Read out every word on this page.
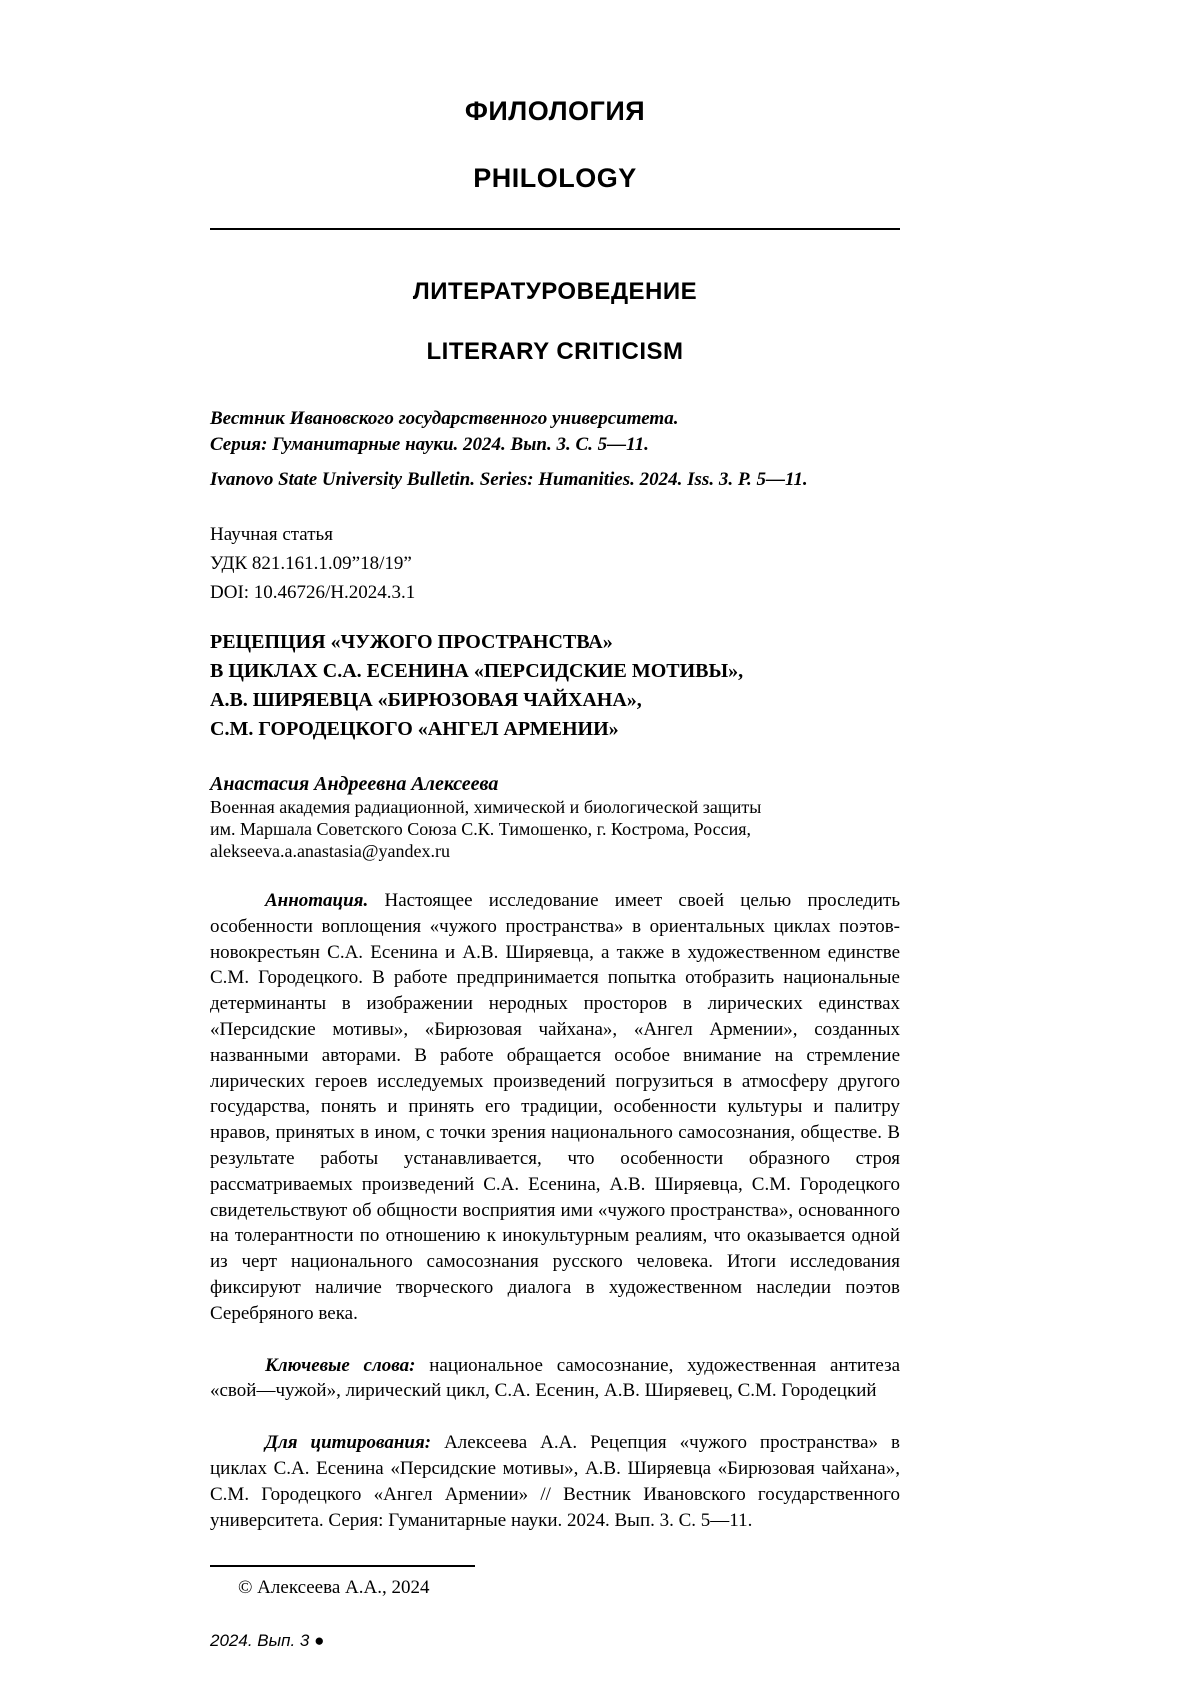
ФИЛОЛОГИЯ
PHILOLOGY
ЛИТЕРАТУРОВЕДЕНИЕ
LITERARY CRITICISM
Вестник Ивановского государственного университета.
Серия: Гуманитарные науки. 2024. Вып. 3. С. 5—11.
Ivanovo State University Bulletin. Series: Humanities. 2024. Iss. 3. P. 5—11.
Научная статья
УДК 821.161.1.09”18/19”
DOI: 10.46726/H.2024.3.1
РЕЦЕПЦИЯ «ЧУЖОГО ПРОСТРАНСТВА»
В ЦИКЛАХ С.А. ЕСЕНИНА «ПЕРСИДСКИЕ МОТИВЫ»,
А.В. ШИРЯЕВЦА «БИРЮЗОВАЯ ЧАЙХАНА»,
С.М. ГОРОДЕЦКОГО «АНГЕЛ АРМЕНИИ»
Анастасия Андреевна Алексеева
Военная академия радиационной, химической и биологической защиты
им. Маршала Советского Союза С.К. Тимошенко, г. Кострома, Россия,
alekseeva.a.anastasia@yandex.ru

Аннотация. Настоящее исследование имеет своей целью проследить особенности воплощения «чужого пространства» в ориентальных циклах поэтов-новокрестьян С.А. Есенина и А.В. Ширяевца, а также в художественном единстве С.М. Городецкого. В работе предпринимается попытка отобразить национальные детерминанты в изображении неродных просторов в лирических единствах «Персидские мотивы», «Бирюзовая чайхана», «Ангел Армении», созданных названными авторами. В работе обращается особое внимание на стремление лирических героев исследуемых произведений погрузиться в атмосферу другого государства, понять и принять его традиции, особенности культуры и палитру нравов, принятых в ином, с точки зрения национального самосознания, обществе. В результате работы устанавливается, что особенности образного строя рассматриваемых произведений С.А. Есенина, А.В. Ширяевца, С.М. Городецкого свидетельствуют об общности восприятия ими «чужого пространства», основанного на толерантности по отношению к инокультурным реалиям, что оказывается одной из черт национального самосознания русского человека. Итоги исследования фиксируют наличие творческого диалога в художественном наследии поэтов Серебряного века.

Ключевые слова: национальное самосознание, художественная антитеза «свой—чужой», лирический цикл, С.А. Есенин, А.В. Ширяевец, С.М. Городецкий

Для цитирования: Алексеева А.А. Рецепция «чужого пространства» в циклах С.А. Есенина «Персидские мотивы», А.В. Ширяевца «Бирюзовая чайхана», С.М. Городецкого «Ангел Армении» // Вестник Ивановского государственного университета. Серия: Гуманитарные науки. 2024. Вып. 3. С. 5—11.

© Алексеева А.А., 2024
2024. Вып. 3 ●
